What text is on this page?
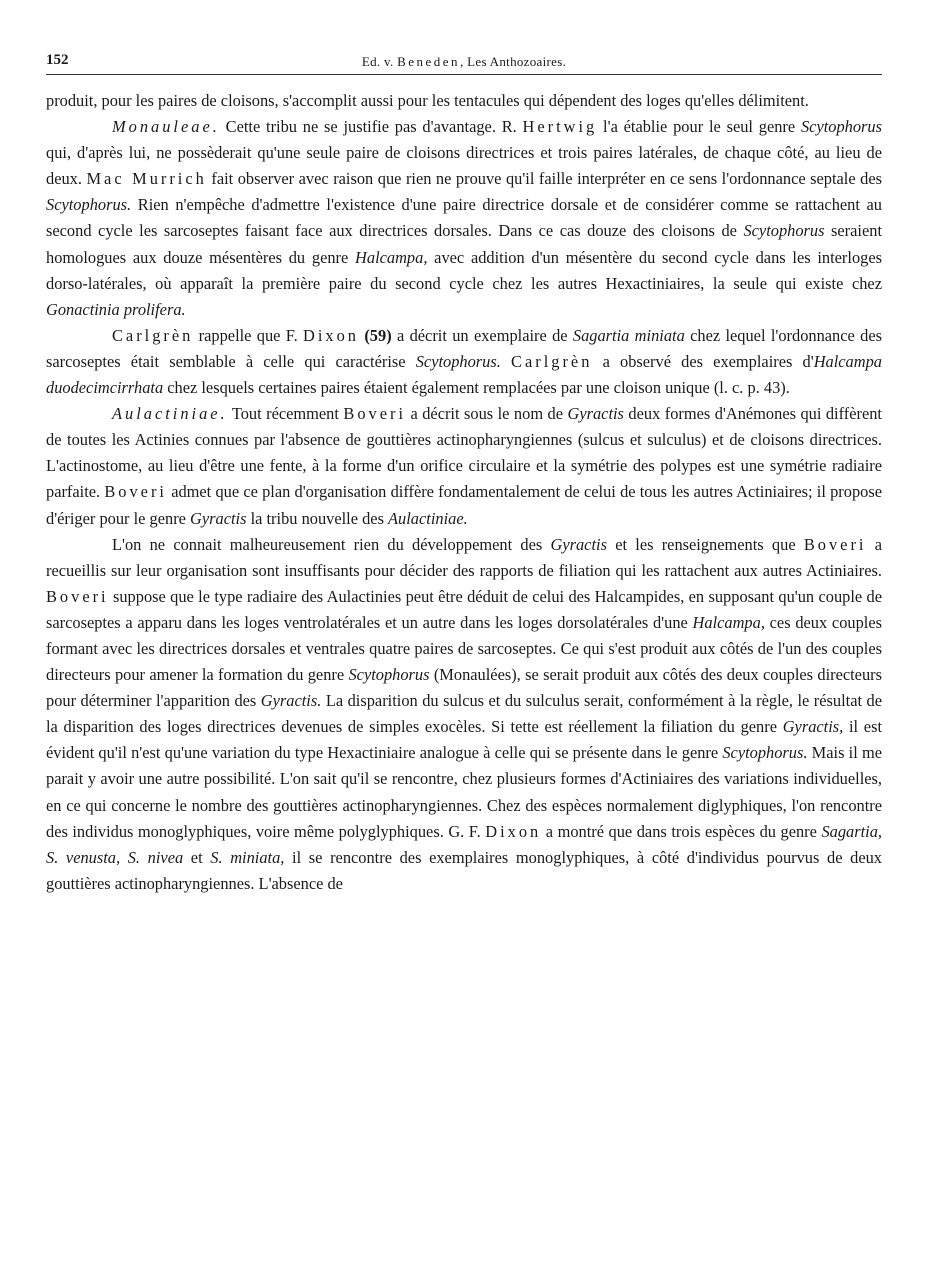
152	Ed. v. Beneden, Les Anthozoaires.

produit, pour les paires de cloisons, s'accomplit aussi pour les tentacules qui dépendent des loges qu'elles délimitent.

Monauleae. Cette tribu ne se justifie pas d'avantage. R. Hertwig l'a établie pour le seul genre Scytophorus qui, d'après lui, ne possèderait qu'une seule paire de cloisons directrices et trois paires latérales, de chaque côté, au lieu de deux. Mac Murrich fait observer avec raison que rien ne prouve qu'il faille interpréter en ce sens l'ordonnance septale des Scytophorus. Rien n'empêche d'admettre l'existence d'une paire directrice dorsale et de considérer comme se rattachent au second cycle les sarcoseptes faisant face aux directrices dorsales. Dans ce cas douze des cloisons de Scytophorus seraient homologues aux douze mésentères du genre Halcampa, avec addition d'un mésentère du second cycle dans les interloges dorso-latérales, où apparaît la première paire du second cycle chez les autres Hexactiniaires, la seule qui existe chez Gonactinia prolifera.

Carlgrèn rappelle que F. Dixon (59) a décrit un exemplaire de Sagartia miniata chez lequel l'ordonnance des sarcoseptes était semblable à celle qui caractérise Scytophorus. Carlgrèn a observé des exemplaires d'Halcampa duodecimcirrhata chez lesquels certaines paires étaient également remplacées par une cloison unique (l. c. p. 43).

Aulactiniae. Tout récemment Boveri a décrit sous le nom de Gyractis deux formes d'Anémones qui diffèrent de toutes les Actinies connues par l'absence de gouttières actinopharyngiennes (sulcus et sulculus) et de cloisons directrices. L'actinostome, au lieu d'être une fente, à la forme d'un orifice circulaire et la symétrie des polypes est une symétrie radiaire parfaite. Boveri admet que ce plan d'organisation diffère fondamentalement de celui de tous les autres Actiniaires; il propose d'ériger pour le genre Gyractis la tribu nouvelle des Aulactiniae.

L'on ne connait malheureusement rien du développement des Gyractis et les renseignements que Boveri a recueillis sur leur organisation sont insuffisants pour décider des rapports de filiation qui les rattachent aux autres Actiniaires. Boveri suppose que le type radiaire des Aulactinies peut être déduit de celui des Halcampides, en supposant qu'un couple de sarcoseptes a apparu dans les loges ventrolatérales et un autre dans les loges dorsolatérales d'une Halcampa, ces deux couples formant avec les directrices dorsales et ventrales quatre paires de sarcoseptes. Ce qui s'est produit aux côtés de l'un des couples directeurs pour amener la formation du genre Scytophorus (Monaulées), se serait produit aux côtés des deux couples directeurs pour déterminer l'apparition des Gyractis. La disparition du sulcus et du sulculus serait, conformément à la règle, le résultat de la disparition des loges directrices devenues de simples exocèles. Si tette est réellement la filiation du genre Gyractis, il est évident qu'il n'est qu'une variation du type Hexactiniaire analogue à celle qui se présente dans le genre Scytophorus. Mais il me parait y avoir une autre possibilité. L'on sait qu'il se rencontre, chez plusieurs formes d'Actiniaires des variations individuelles, en ce qui concerne le nombre des gouttières actinopharyngiennes. Chez des espèces normalement diglyphiques, l'on rencontre des individus monoglyphiques, voire même polyglyphiques. G. F. Dixon a montré que dans trois espèces du genre Sagartia, S. venusta, S. nivea et S. miniata, il se rencontre des exemplaires monoglyphiques, à côté d'individus pourvus de deux gouttières actinopharyngiennes. L'absence de
